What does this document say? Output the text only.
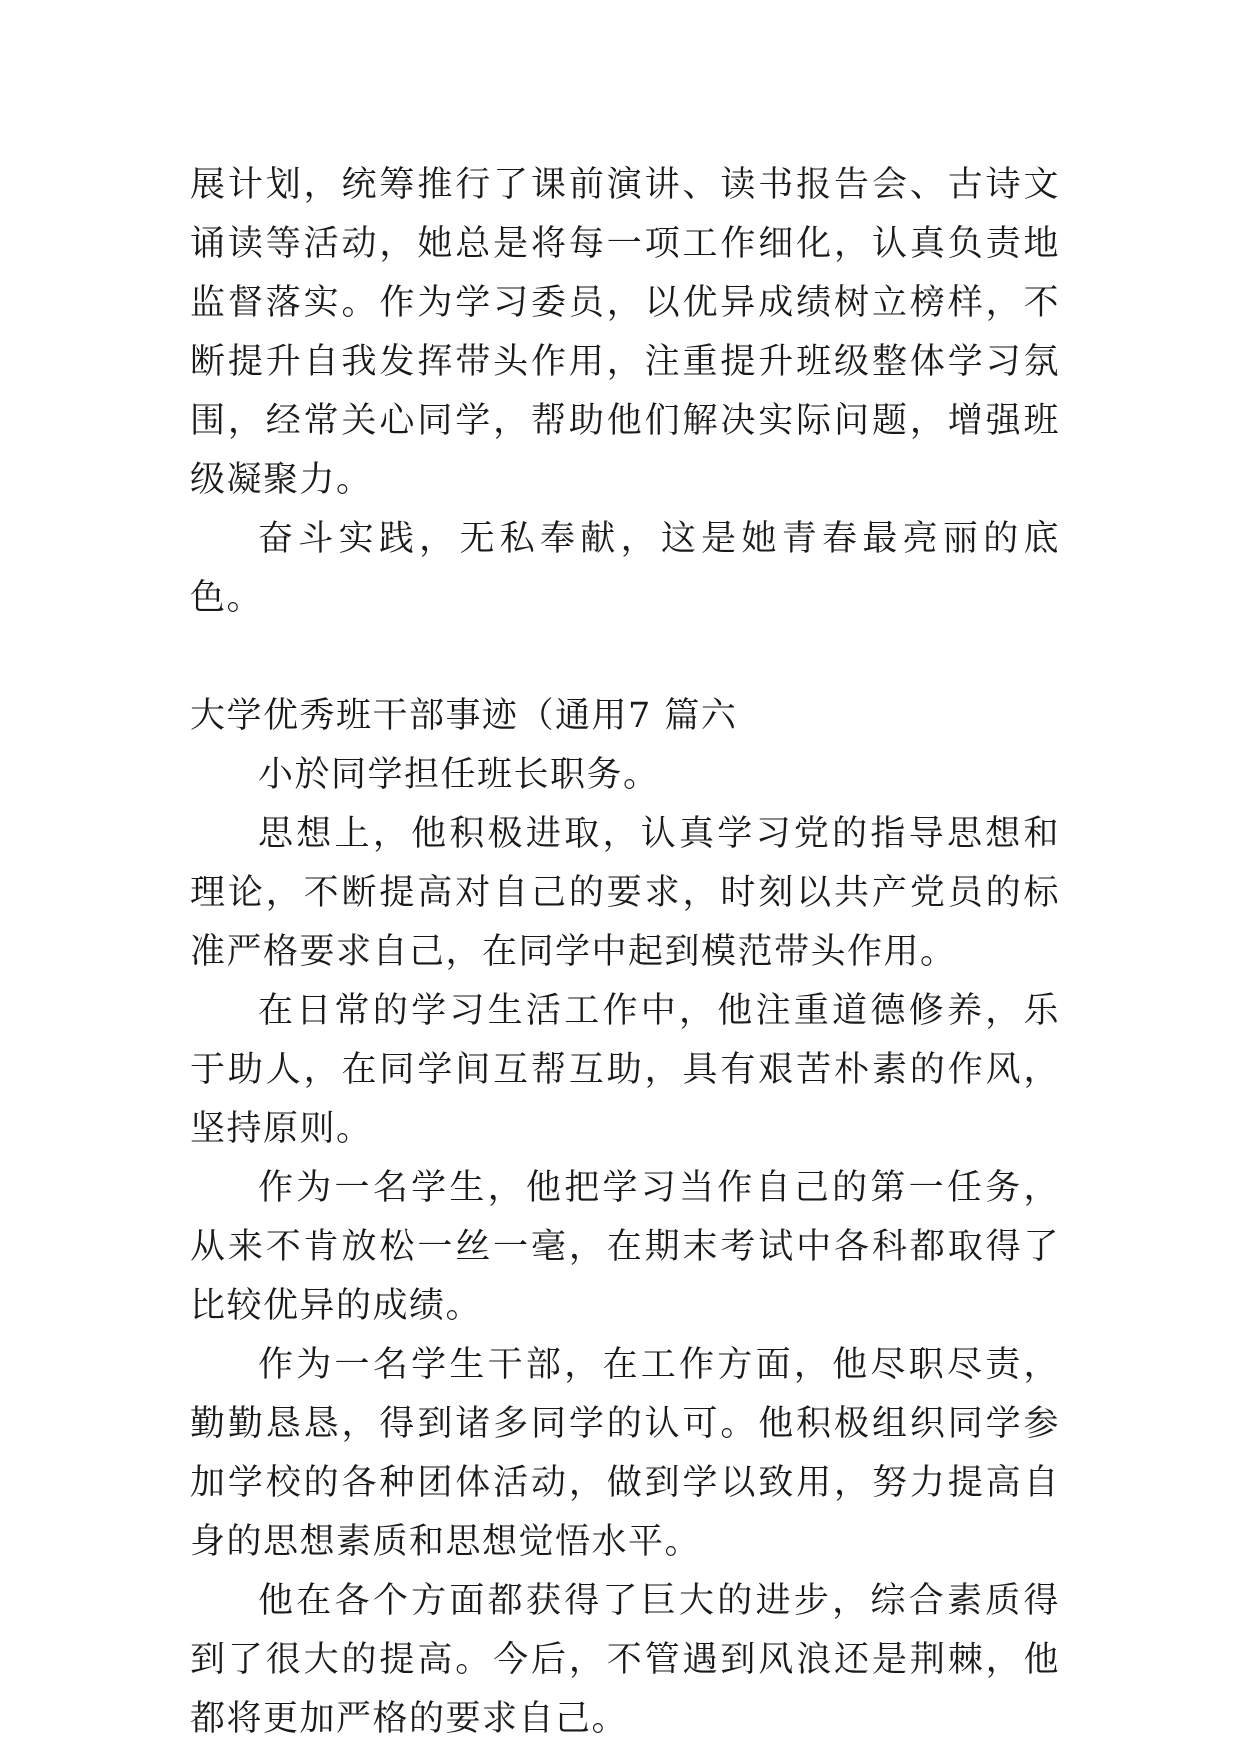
展计划，统筹推行了课前演讲、读书报告会、古诗文诵读等活动，她总是将每一项工作细化，认真负责地监督落实。作为学习委员，以优异成绩树立榜样，不断提升自我发挥带头作用，注重提升班级整体学习氛围，经常关心同学，帮助他们解决实际问题，增强班级凝聚力。

奋斗实践，无私奉献，这是她青春最亮丽的底色。

大学优秀班干部事迹（通用7 篇六

小於同学担任班长职务。

思想上，他积极进取，认真学习党的指导思想和理论，不断提高对自己的要求，时刻以共产党员的标准严格要求自己，在同学中起到模范带头作用。

在日常的学习生活工作中，他注重道德修养，乐于助人，在同学间互帮互助，具有艰苦朴素的作风，坚持原则。

作为一名学生，他把学习当作自己的第一任务，从来不肯放松一丝一毫，在期末考试中各科都取得了比较优异的成绩。

作为一名学生干部，在工作方面，他尽职尽责，勤勤恳恳，得到诸多同学的认可。他积极组织同学参加学校的各种团体活动，做到学以致用，努力提高自身的思想素质和思想觉悟水平。

他在各个方面都获得了巨大的进步，综合素质得到了很大的提高。今后，不管遇到风浪还是荆棘，他都将更加严格的要求自己。
